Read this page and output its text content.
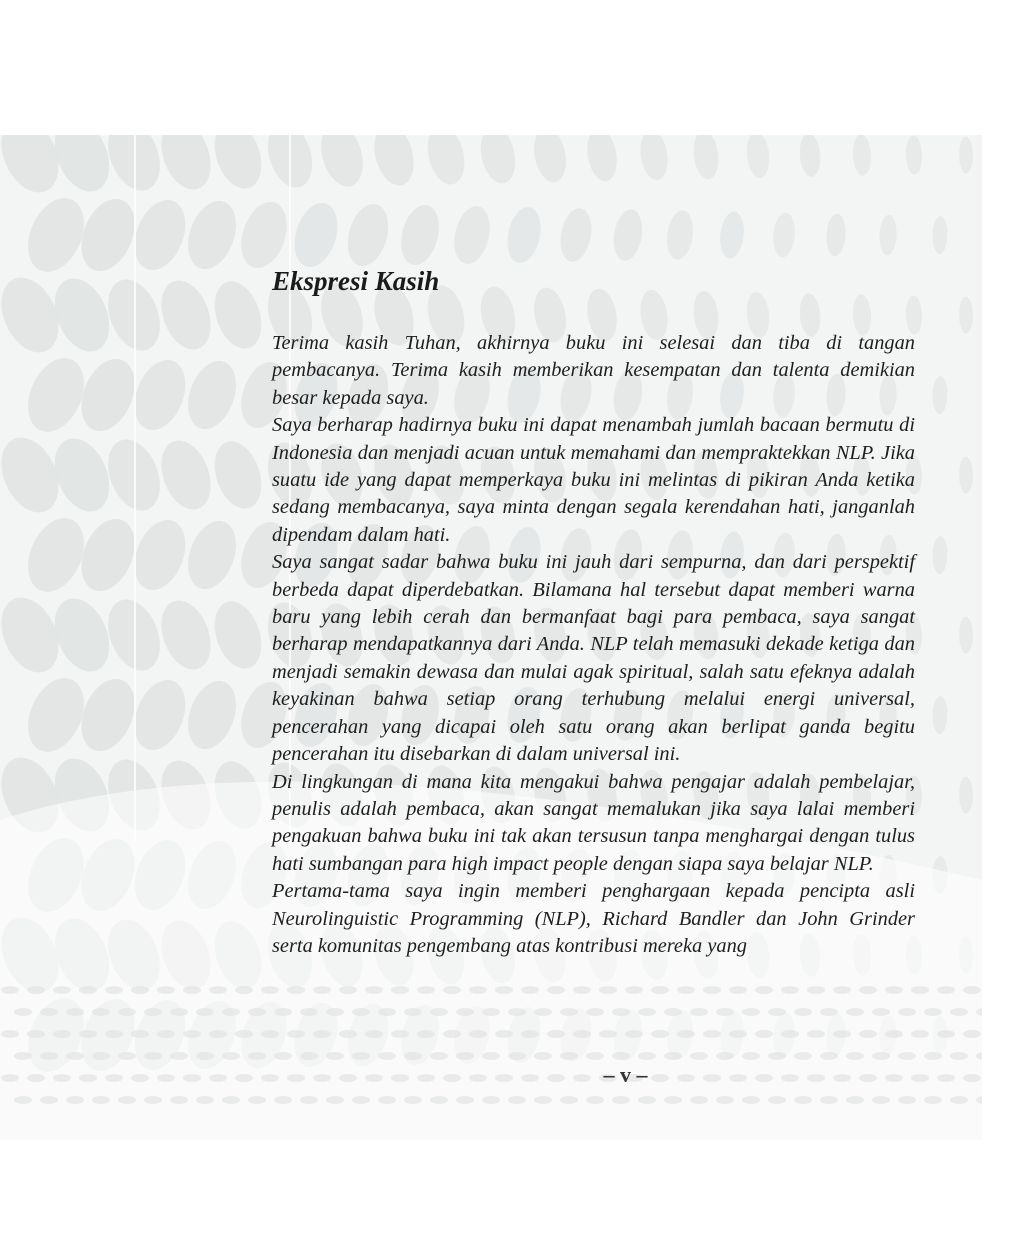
Ekspresi Kasih

Terima kasih Tuhan, akhirnya buku ini selesai dan tiba di tangan pembacanya. Terima kasih memberikan kesempatan dan talenta demikian besar kepada saya.

Saya berharap hadirnya buku ini dapat menambah jumlah bacaan bermutu di Indonesia dan menjadi acuan untuk memahami dan mempraktekkan NLP. Jika suatu ide yang dapat memperkaya buku ini melintas di pikiran Anda ketika sedang membacanya, saya minta dengan segala kerendahan hati, janganlah dipendam dalam hati.

Saya sangat sadar bahwa buku ini jauh dari sempurna, dan dari perspektif berbeda dapat diperdebatkan. Bilamana hal tersebut dapat memberi warna baru yang lebih cerah dan bermanfaat bagi para pembaca, saya sangat berharap mendapatkannya dari Anda. NLP telah memasuki dekade ketiga dan menjadi semakin dewasa dan mulai agak spiritual, salah satu efeknya adalah keyakinan bahwa setiap orang terhubung melalui energi universal, pencerahan yang dicapai oleh satu orang akan berlipat ganda begitu pencerahan itu disebarkan di dalam universal ini.

Di lingkungan di mana kita mengakui bahwa pengajar adalah pembelajar, penulis adalah pembaca, akan sangat memalukan jika saya lalai memberi pengakuan bahwa buku ini tak akan tersusun tanpa menghargai dengan tulus hati sumbangan para high impact people dengan siapa saya belajar NLP.

Pertama-tama saya ingin memberi penghargaan kepada pencipta asli Neurolinguistic Programming (NLP), Richard Bandler dan John Grinder serta komunitas pengembang atas kontribusi mereka yang

– v –
